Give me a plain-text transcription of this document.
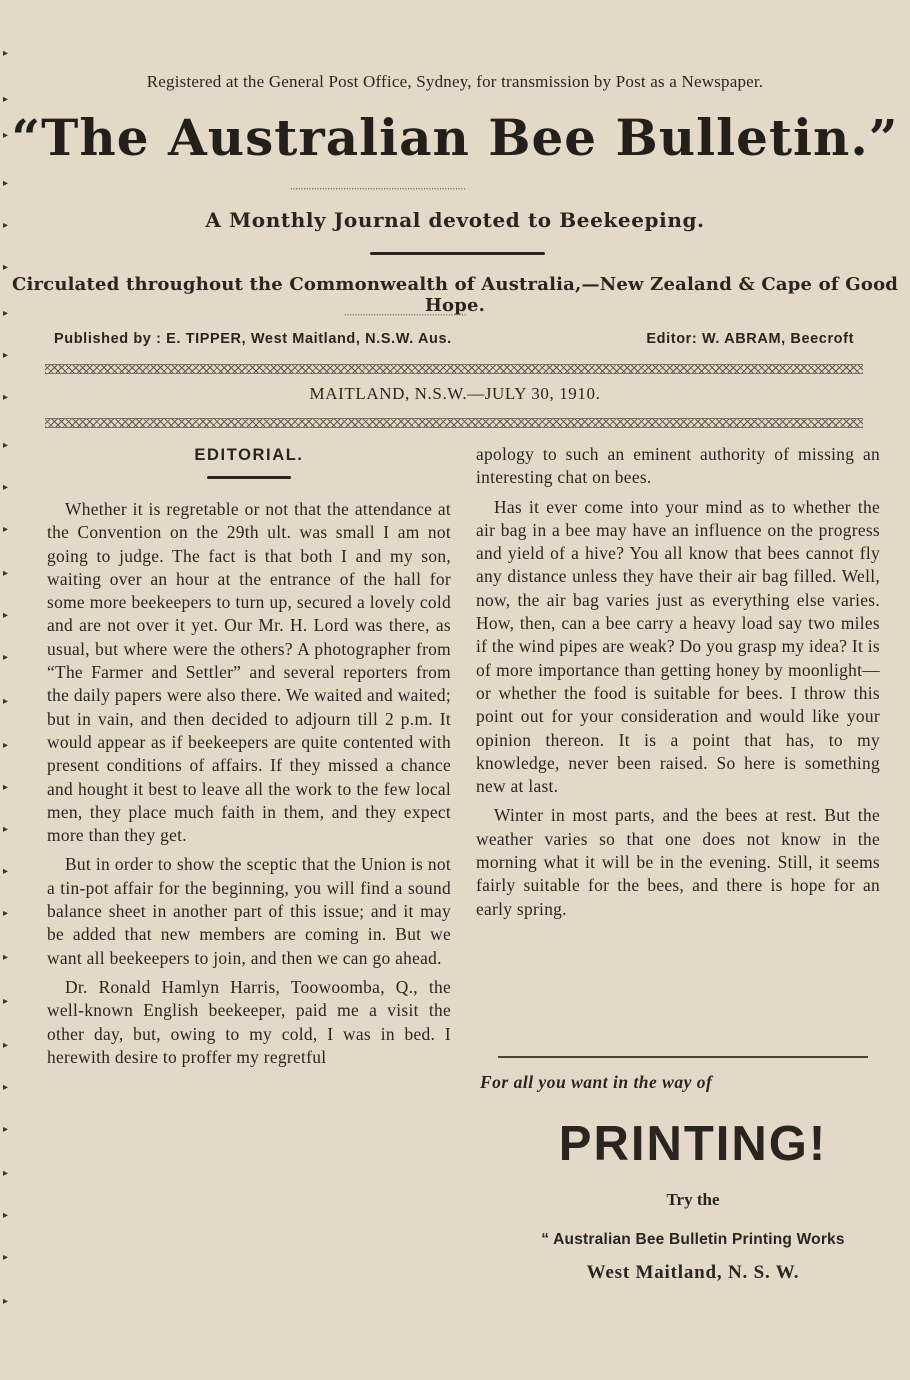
▸
▸
▸
▸
▸
▸
▸
▸
▸
▸
▸
▸
▸
▸
▸
▸
▸
▸
▸
▸
▸
▸
▸
▸
▸
▸
▸
▸
▸
▸
Registered at the General Post Office, Sydney, for transmission by Post as a Newspaper.
“The Australian Bee Bulletin.”
‛‛‛‛‛‛‛‛‛‛‛‛‛‛‛‛‛‛‛‛‛‛‛‛‛‛‛‛‛‛‛‛‛‛‛‛‛‛‛‛‛‛‛‛‛‛‛‛‛‛‛‛‛‛‛‛‛‛‛‛‛‛‛‛‛‛
A Monthly Journal devoted to Beekeeping.
Circulated throughout the Commonwealth of Australia,—New Zealand & Cape of Good Hope.
‛‛‛‛‛‛‛‛‛‛‛‛‛‛‛‛‛‛‛‛‛‛‛‛‛‛‛‛‛‛‛‛‛‛‛‛‛‛‛‛‛‛‛‛‛‛
Published by : E. TIPPER, West Maitland, N.S.W. Aus.	Editor: W. ABRAM, Beecroft
MAITLAND, N.S.W.—JULY 30, 1910.
EDITORIAL.

Whether it is regretable or not that the attendance at the Convention on the 29th ult. was small I am not going to judge. The fact is that both I and my son, waiting over an hour at the entrance of the hall for some more beekeepers to turn up, secured a lovely cold and are not over it yet. Our Mr. H. Lord was there, as usual, but where were the others? A photographer from “The Farmer and Settler” and several reporters from the daily papers were also there. We waited and waited; but in vain, and then decided to adjourn till 2 p.m. It would appear as if beekeepers are quite contented with present conditions of affairs. If they missed a chance and hought it best to leave all the work to the few local men, they place much faith in them, and they expect more than they get.

But in order to show the sceptic that the Union is not a tin-pot affair for the beginning, you will find a sound balance sheet in another part of this issue; and it may be added that new members are coming in. But we want all beekeepers to join, and then we can go ahead.

Dr. Ronald Hamlyn Harris, Toowoomba, Q., the well-known English beekeeper, paid me a visit the other day, but, owing to my cold, I was in bed. I herewith desire to proffer my regretful

apology to such an eminent authority of missing an interesting chat on bees.

Has it ever come into your mind as to whether the air bag in a bee may have an influence on the progress and yield of a hive? You all know that bees cannot fly any distance unless they have their air bag filled. Well, now, the air bag varies just as everything else varies. How, then, can a bee carry a heavy load say two miles if the wind pipes are weak? Do you grasp my idea? It is of more importance than getting honey by moonlight—or whether the food is suitable for bees. I throw this point out for your consideration and would like your opinion thereon. It is a point that has, to my knowledge, never been raised. So here is something new at last.

Winter in most parts, and the bees at rest. But the weather varies so that one does not know in the morning what it will be in the evening. Still, it seems fairly suitable for the bees, and there is hope for an early spring.

For all you want in the way of
PRINTING!
Try the
“ Australian Bee Bulletin Printing Works
West Maitland, N. S. W.
